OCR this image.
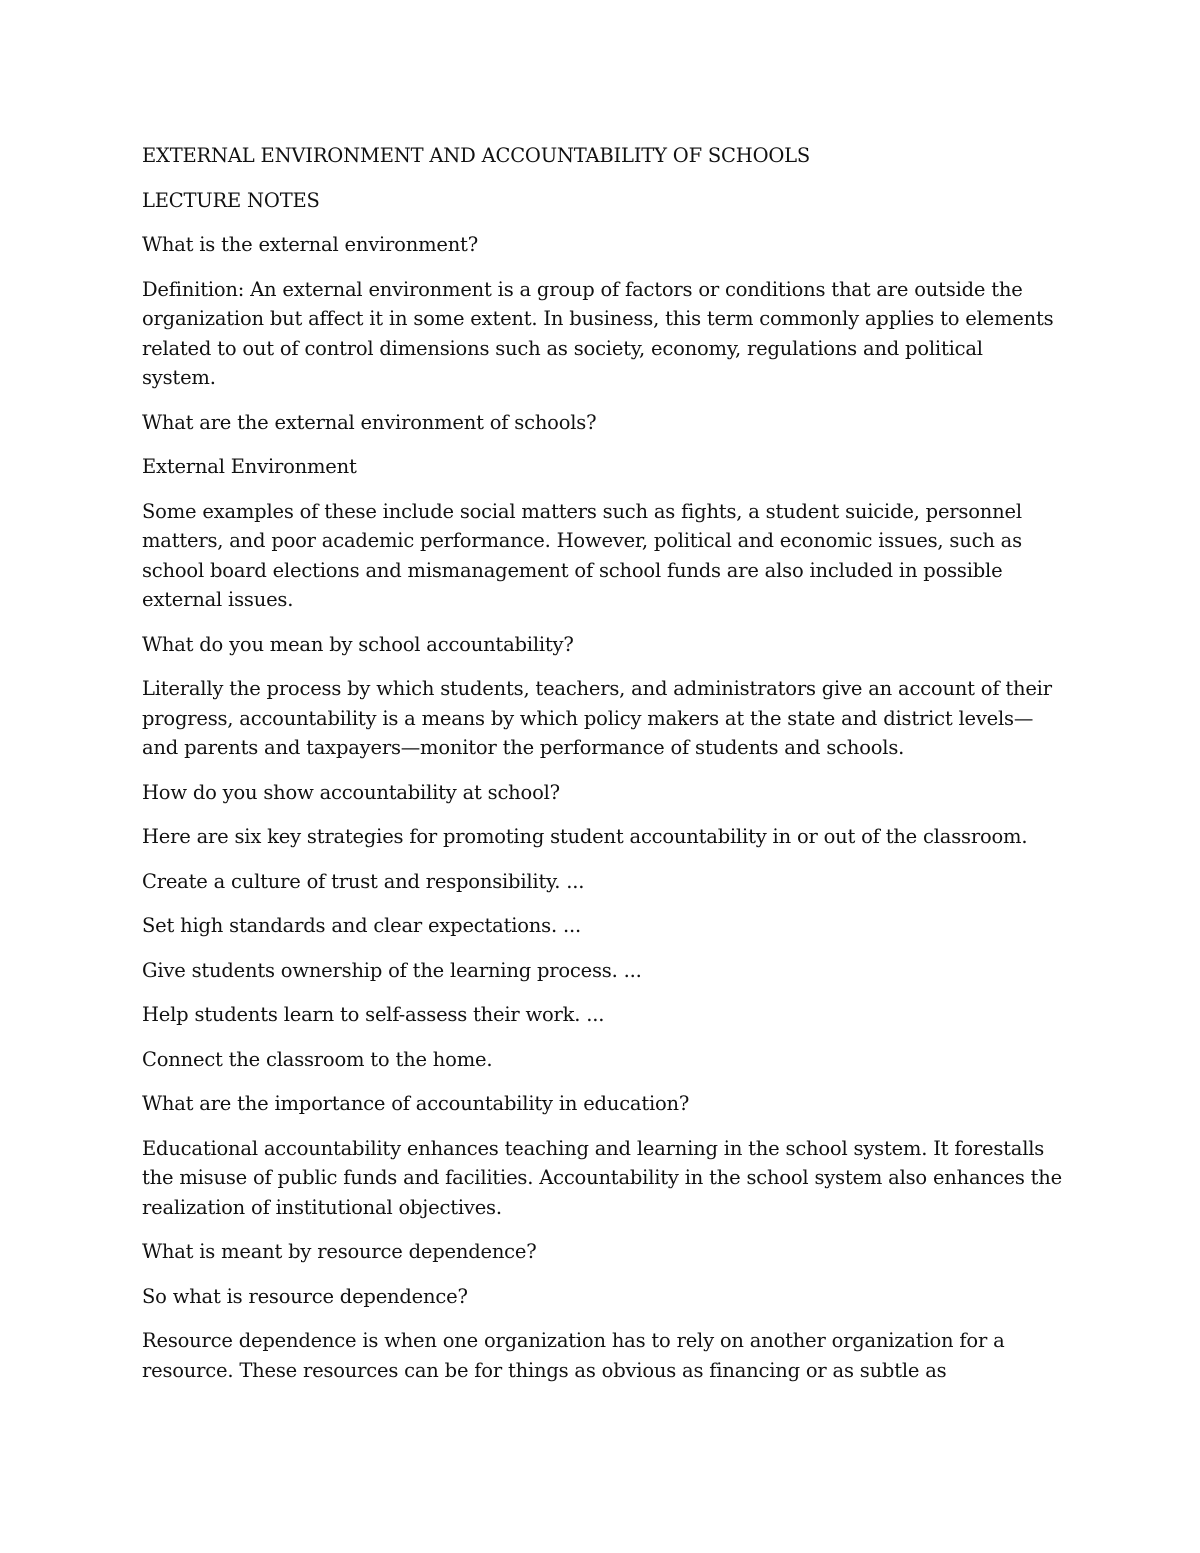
EXTERNAL ENVIRONMENT AND ACCOUNTABILITY OF SCHOOLS

LECTURE NOTES

What is the external environment?

Definition: An external environment is a group of factors or conditions that are outside the organization but affect it in some extent. In business, this term commonly applies to elements related to out of control dimensions such as society, economy, regulations and political system.

What are the external environment of schools?

External Environment

Some examples of these include social matters such as fights, a student suicide, personnel matters, and poor academic performance. However, political and economic issues, such as school board elections and mismanagement of school funds are also included in possible external issues.

What do you mean by school accountability?

Literally the process by which students, teachers, and administrators give an account of their progress, accountability is a means by which policy makers at the state and district levels—and parents and taxpayers—monitor the performance of students and schools.

How do you show accountability at school?

Here are six key strategies for promoting student accountability in or out of the classroom.

Create a culture of trust and responsibility. ...

Set high standards and clear expectations. ...

Give students ownership of the learning process. ...

Help students learn to self-assess their work. ...

Connect the classroom to the home.

What are the importance of accountability in education?

Educational accountability enhances teaching and learning in the school system. It forestalls the misuse of public funds and facilities. Accountability in the school system also enhances the realization of institutional objectives.

What is meant by resource dependence?

So what is resource dependence?

Resource dependence is when one organization has to rely on another organization for a resource. These resources can be for things as obvious as financing or as subtle as
